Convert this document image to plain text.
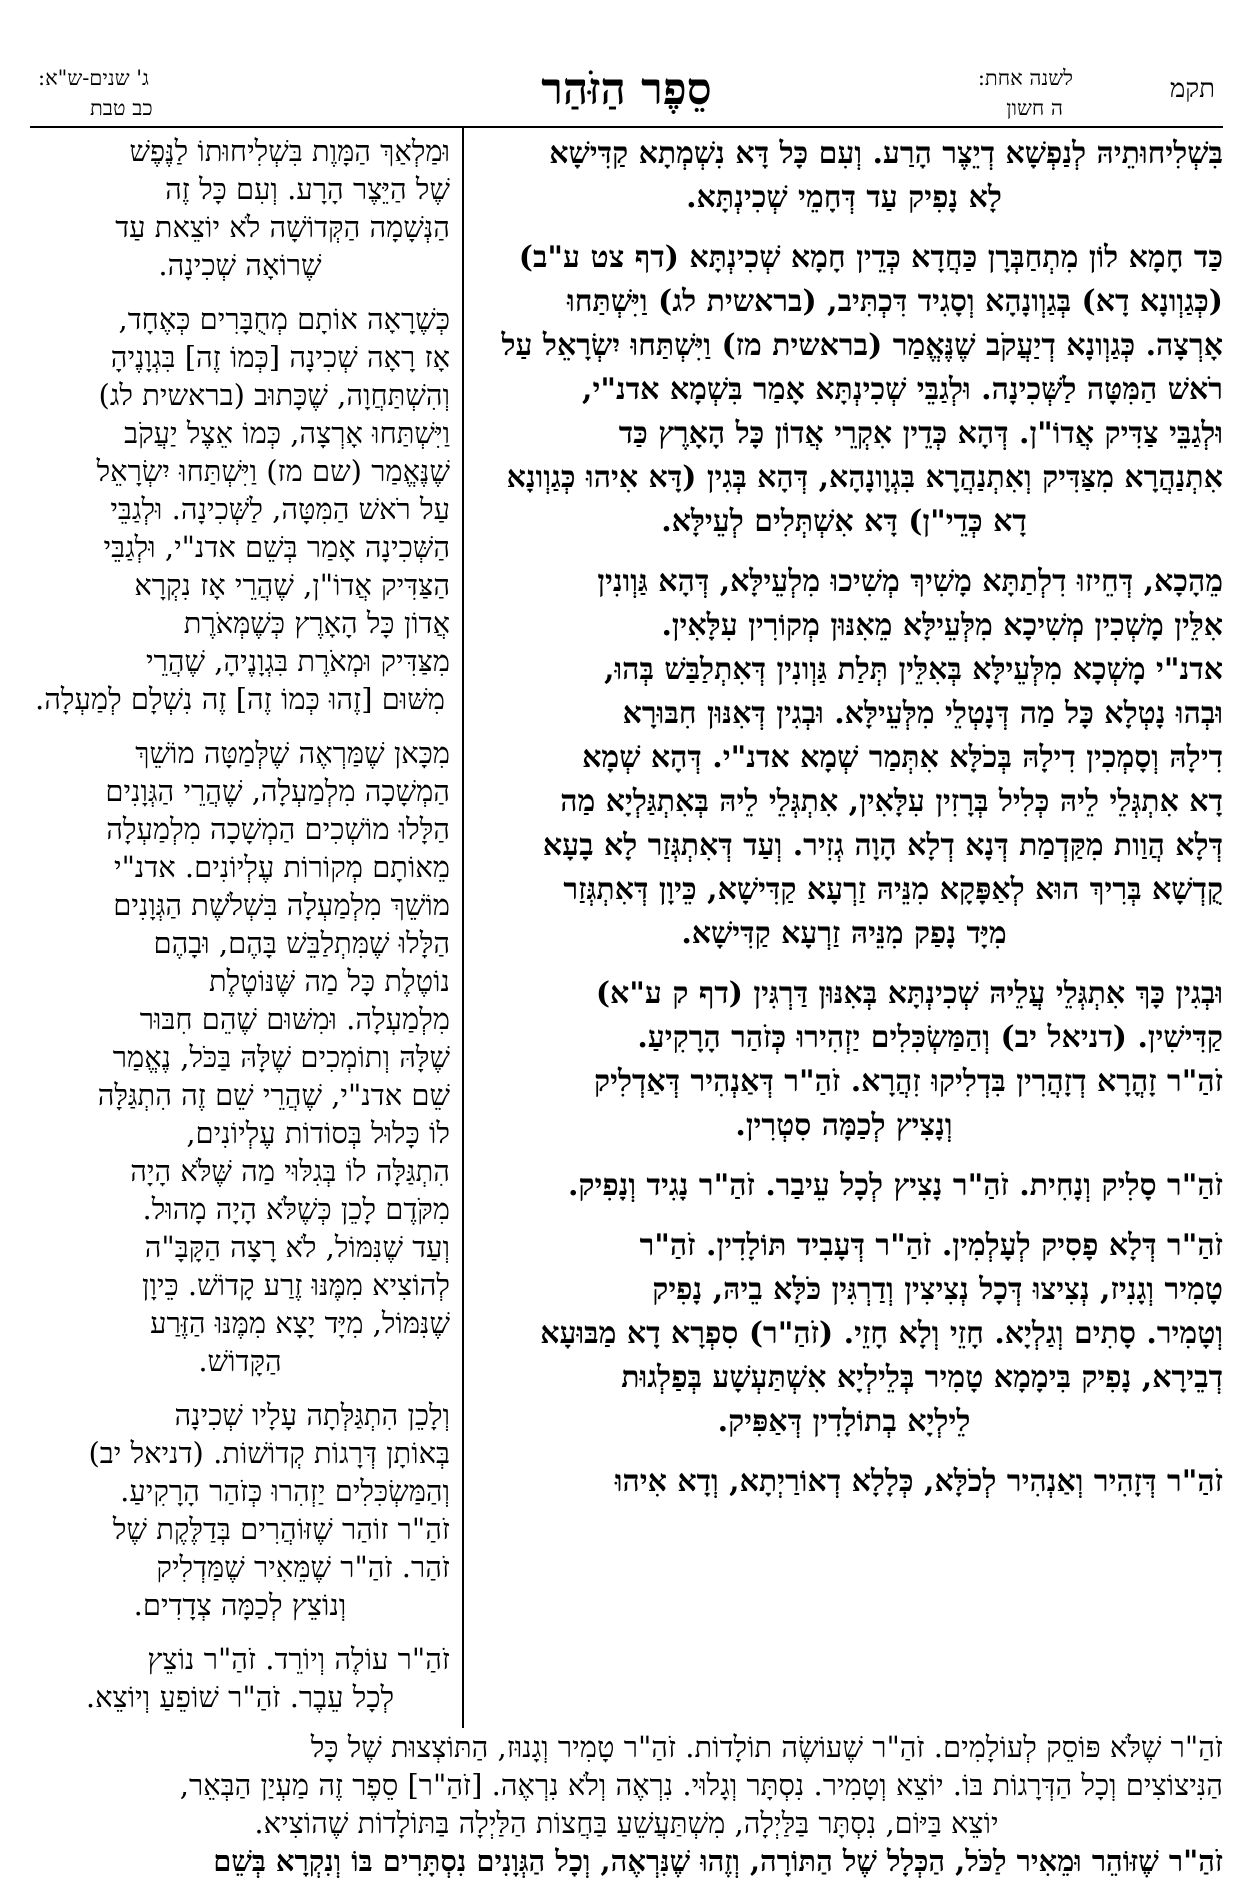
תקמ
לשנה אחת:
ה חשון
סֵפֶר הַזֹּהַר
ג' שנים-ש"א:
כב טבת

בִּשְׁלִיחוּתֵיהּ לְנַפְשָׁא דְיֵצֶר הָרַע. וְעִם כָּל דָּא נִשְׁמְתָא קַדִּישָׁא

לָא נָפִיק עַד דְּחָמֵי שְׁכִינְתָּא.

כַּד חָמָא לוֹן מִתְחַבְּרָן כַּחֲדָא כְּדֵין חָמָא שְׁכִינְתָּא (דף צט ע"ב)

(כְּגַוְונָא דָא) בְּגַוְונָהָא וְסָגִיד דִּכְתִּיב, (בראשית לג) וַיִּשְׁתַּחוּ

אָרְצָה. כְּגַוְונָא דְיַעֲקֹב שֶׁנֶּאֱמַר (בראשית מז) וַיִּשְׁתַּחוּ יִשְׂרָאֵל עַל

רֹאשׁ הַמִּטָּה לַשְּׁכִינָה. וּלְגַבֵּי שְׁכִינְתָּא אָמַר בִּשְׁמָא אדנ"י,

וּלְגַבֵּי צַדִּיק אֲדוֹ"ן. דְּהָא כְּדֵין אִקְרֵי אֲדוֹן כָּל הָאָרֶץ כַּד

אִתְנַהֲרָא מִצַּדִּיק וְאִתְנַהֲרָא בִּגְוָונָהָא, דְּהָא בְּגִין (דָּא אִיהוּ כְּגַוְונָא

דָא כְּדֵי"ן) דָּא אִשְׁתְּלִים לְעֵילָּא.

מֵהָכָא, דְּחֵיזוּ דִלְתַתָּא מָשִׁיךְ מְשִׁיכוּ מִלְעֵילָּא, דְּהָא גַּוְונִין

אִלֵּין מָשְׁכִין מְשִׁיכָא מִלְּעֵילָּא מֵאִנּוּן מְקוֹרִין עִלָּאִין.

אדנ"י מָשְׁכָא מִלְּעֵילָּא בְּאִלֵּין תְּלַת גַּוְונִין דְּאִתְלַבַּשׁ בְּהוּ,

וּבְהוּ נָטְלָא כָּל מַה דְּנָטְלֵי מִלְּעֵילָּא. וּבְגִין דְּאִנּוּן חִבּוּרָא

דִילָהּ וְסָמְכִין דִילָהּ בְּכֹלָּא אִתְּמַר שְׁמָא אדנ"י. דְּהָא שְׁמָא

דָא אִתְגְּלֵי לֵיהּ כְּלִיל בְּרָזִין עִלָּאִין, אִתְגְּלֵי לֵיהּ בְּאִתְגַּלְיָא מַה

דְּלָא הֲוַות מִקַּדְמַת דְּנָא דְלָא הָוָה גְזִיר. וְעַד דְּאִתְגְּזַר לָא בָעָא

קֻדְשָׁא בְּרִיךְ הוּא לְאַפָּקָא מִנֵּיהּ זַרְעָא קַדִּישָׁא, כֵּיוָן דְּאִתְגְּזַר

מִיָּד נָפַק מִנֵּיהּ זַרְעָא קַדִּישָׁא.

וּבְגִין כָּךְ אִתְגְּלֵי עֲלֵיהּ שְׁכִינְתָּא בְּאִנּוּן דַּרְגִּין (דף ק ע"א)

קַדִּישִׁין. (דניאל יב) וְהַמַּשְׂכִּלִים יַזְהִירוּ כְּזֹהַר הָרָקִיעַ.

זֹהַ"ר זָהֳרָא דְזָהֲרִין בִּדְלִיקוּ זִהֲרָא. זֹהַ"ר דְּאַנְהִיר דְּאַדְלִיק

וְנָצִיץ לְכַמָּה סִטְרִין.

זֹהַ"ר סָלִיק וְנָחִית. זֹהַ"ר נָצִיץ לְכָל עֵיבַר. זֹהַ"ר נָגִיד וְנָפִיק.

זֹהַ"ר דְּלָא פָסִיק לְעָלְמִין. זֹהַ"ר דְּעָבִיד תּוֹלָדִין. זֹהַ"ר

טָמִיר וְגָנִיז, נְצִיצוּ דְּכָל נְצִיצִין וְדַרְגִּין כֹּלָּא בֵיהּ, נָפִיק

וְטָמִיר. סָתִים וְגַלְיָא. חָזֵי וְלָא חָזֵי. (זֹהַ"ר) סִפְרָא דָא מַבּוּעָא

דְבֵירָא, נָפִיק בִּימָמָא טָמִיר בְּלֵילְיָא אִשְׁתַּעְשָׁע בְּפַלְגוּת

לֵילְיָא בְתוֹלָדִין דְּאַפִּיק.

זֹהַ"ר דְּזָהִיר וְאַנְהִיר לְכֹלָּא, כְּלָלָא דְאוֹרַיְתָא, וְדָא אִיהוּ

וּמַלְאַךְ הַמָּוֶת בִּשְׁלִיחוּתוֹ לַנֶּפֶשׁ

שֶׁל הַיֵּצֶר הָרָע. וְעִם כָּל זֶה

הַנְּשָׁמָה הַקְּדוֹשָׁה לֹא יוֹצֵאת עַד

שֶׁרוֹאָה שְׁכִינָה.

כְּשֶׁרָאָה אוֹתָם מְחֻבָּרִים כְּאֶחָד,

אָז רָאָה שְׁכִינָה [כְּמוֹ זֶה] בִּגְוָנֶיהָ

וְהִשְׁתַּחֲוָה, שֶׁכָּתוּב (בראשית לג)

וַיִּשְׁתַּחוּ אָרְצָה, כְּמוֹ אֵצֶל יַעֲקֹב

שֶׁנֶּאֱמַר (שם מז) וַיִּשְׁתַּחוּ יִשְׂרָאֵל

עַל רֹאשׁ הַמִּטָּה, לַשְּׁכִינָה. וּלְגַבֵּי

הַשְּׁכִינָה אָמַר בְּשֵׁם אדנ"י, וּלְגַבֵּי

הַצַּדִּיק אֲדוֹ"ן, שֶׁהֲרֵי אָז נִקְרָא

אֲדוֹן כָּל הָאָרֶץ כְּשֶׁמְּאֹרֶת

מִצַּדִּיק וּמְאֹרֶת בִּגְוָנֶיהָ, שֶׁהֲרֵי

מִשּׁוּם [זֶהוּ כְּמוֹ זֶה] זֶה נִשְׁלָם לְמַעְלָה.

מִכָּאן שֶׁמַּרְאֶה שֶׁלְּמַטָּה מוֹשֵׁךְ

הַמְשָׁכָה מִלְמַעְלָה, שֶׁהֲרֵי הַגְּוָנִים

הַלָּלוּ מוֹשְׁכִים הַמְשָׁכָה מִלְמַעְלָה

מֵאוֹתָם מְקוֹרוֹת עֶלְיוֹנִים. אדנ"י

מוֹשֵׁךְ מִלְמַעְלָה בִּשְׁלֹשֶׁת הַגְּוָנִים

הַלָּלוּ שֶׁמִּתְלַבֵּשׁ בָּהֶם, וּבָהֶם

נוֹטֶלֶת כָּל מַה שֶּׁנּוֹטֶלֶת

מִלְמַעְלָה. וּמִשּׁוּם שֶׁהֵם חִבּוּר

שֶׁלָּהּ וְתוֹמְכִים שֶׁלָּהּ בַּכֹּל, נֶאֱמַר

שֵׁם אדנ"י, שֶׁהֲרֵי שֵׁם זֶה הִתְגַּלָּה

לוֹ כָּלוּל בְּסוֹדוֹת עֶלְיוֹנִים,

הִתְגַּלָּה לוֹ בְּגִלּוּי מַה שֶּׁלֹּא הָיָה

מִקֹּדֶם לָכֵן כְּשֶׁלֹּא הָיָה מָהוּל.

וְעַד שֶׁנִּמּוֹל, לֹא רָצָה הַקָּבָּ"ה

לְהוֹצִיא מִמֶּנּוּ זֶרַע קָדוֹשׁ. כֵּיוָן

שֶׁנִּמּוֹל, מִיָּד יָצָא מִמֶּנּוּ הַזֶּרַע

הַקָּדוֹשׁ.

וְלָכֵן הִתְגַּלְּתָה עָלָיו שְׁכִינָה

בְּאוֹתָן דְּרָגוֹת קְדוֹשׁוֹת. (דניאל יב)

וְהַמַּשְׂכִּלִים יַזְהִרוּ כְּזֹהַר הָרָקִיעַ.

זֹהַ"ר זוֹהַר שֶׁזּוֹהֲרִים בְּדַלֶּקֶת שֶׁל

זֹהַר. זֹהַ"ר שֶׁמֵּאִיר שֶׁמַּדְלִיק

וְנוֹצֵץ לְכַמָּה צְדָדִים.

זֹהַ"ר עוֹלֶה וְיוֹרֵד. זֹהַ"ר נוֹצֵץ

לְכָל עֵבֶר. זֹהַ"ר שׁוֹפֵעַ וְיוֹצֵא.

זֹהַ"ר שֶׁלֹּא פּוֹסֵק לְעוֹלָמִים. זֹהַ"ר שֶׁעוֹשֶׂה תוֹלָדוֹת. זֹהַ"ר טָמִיר וְגָנוּז, הַתּוֹצְצוּת שֶׁל כָּל

הַנִּיצוֹצִים וְכָל הַדְּרָגוֹת בּוֹ. יוֹצֵא וְטָמִיר. נִסְתָּר וְגָלוּי. נִרְאֶה וְלֹא נִרְאֶה. [זֹהַ"ר] סֵפֶר זֶה מַעְיַן הַבְּאֵר,

יוֹצֵא בַּיּוֹם, נִסְתָּר בַּלַּיְלָה, מִשְׁתַּעֲשֵׁעַ בַּחֲצוֹת הַלַּיְלָה בַּתּוֹלָדוֹת שֶׁהוֹצִיא.

זֹהַ"ר שֶׁזּוֹהֵר וּמֵאִיר לַכֹּל, הַכְּלָל שֶׁל הַתּוֹרָה, וְזֶהוּ שֶׁנִּרְאֶה, וְכָל הַגְּוָנִים נִסְתָּרִים בּוֹ וְנִקְרָא בְּשֵׁם
